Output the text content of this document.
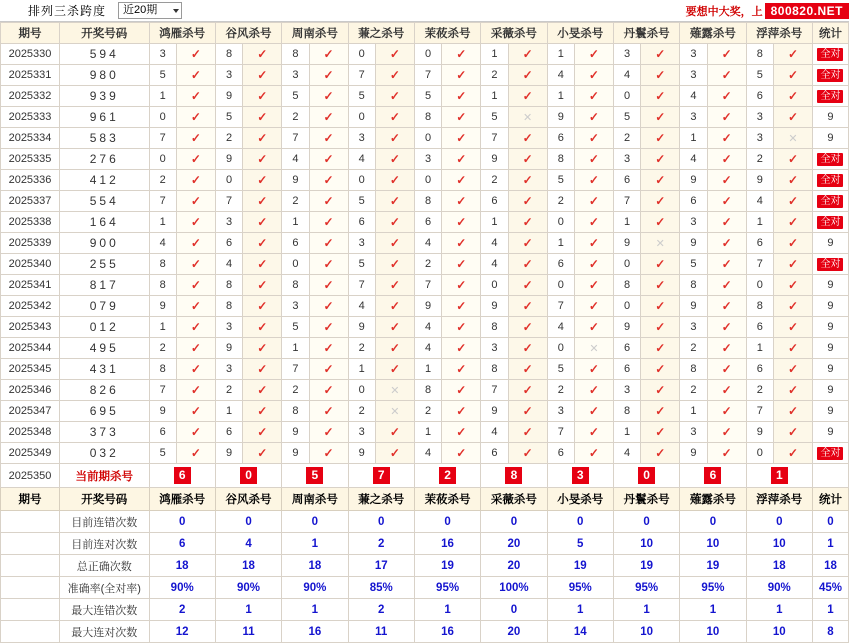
排列三杀跨度 近20期	要想中大奖，上 800820.NET
期号	开奖号码	鸿雁杀号		谷风杀号		周南杀号		蒹之杀号		茉莜杀号		采薇杀号		小旻杀号		丹鬟杀号		薙露杀号		浮萍杀号		统计
2025330	594	3	✓	8	✓	8	✓	0	✓	0	✓	1	✓	1	✓	3	✓	3	✓	8	✓	全对
2025331	980	5	✓	3	✓	3	✓	7	✓	7	✓	2	✓	4	✓	4	✓	3	✓	5	✓	全对
2025332	939	1	✓	9	✓	5	✓	5	✓	5	✓	1	✓	1	✓	0	✓	4	✓	6	✓	全对
2025333	961	0	✓	5	✓	2	✓	0	✓	8	✓	5	✕	9	✓	5	✓	3	✓	3	✓	9
2025334	583	7	✓	2	✓	7	✓	3	✓	0	✓	7	✓	6	✓	2	✓	1	✓	3	✕	9
2025335	276	0	✓	9	✓	4	✓	4	✓	3	✓	9	✓	8	✓	3	✓	4	✓	2	✓	全对
2025336	412	2	✓	0	✓	9	✓	0	✓	0	✓	2	✓	5	✓	6	✓	9	✓	9	✓	全对
2025337	554	7	✓	7	✓	2	✓	5	✓	8	✓	6	✓	2	✓	7	✓	6	✓	4	✓	全对
2025338	164	1	✓	3	✓	1	✓	6	✓	6	✓	1	✓	0	✓	1	✓	3	✓	1	✓	全对
2025339	900	4	✓	6	✓	6	✓	3	✓	4	✓	4	✓	1	✓	9	✕	9	✓	6	✓	9
2025340	255	8	✓	4	✓	0	✓	5	✓	2	✓	4	✓	6	✓	0	✓	5	✓	7	✓	全对
2025341	817	8	✓	8	✓	8	✓	7	✓	7	✓	0	✓	0	✓	8	✓	8	✓	0	✓	9
2025342	079	9	✓	8	✓	3	✓	4	✓	9	✓	9	✓	7	✓	0	✓	9	✓	8	✓	9
2025343	012	1	✓	3	✓	5	✓	9	✓	4	✓	8	✓	4	✓	9	✓	3	✓	6	✓	9
2025344	495	2	✓	9	✓	1	✓	2	✓	4	✓	3	✓	0	✕	6	✓	2	✓	1	✓	9
2025345	431	8	✓	3	✓	7	✓	1	✓	1	✓	8	✓	5	✓	6	✓	8	✓	6	✓	9
2025346	826	7	✓	2	✓	2	✓	0	✕	8	✓	7	✓	2	✓	3	✓	2	✓	2	✓	9
2025347	695	9	✓	1	✓	8	✓	2	✕	2	✓	9	✓	3	✓	8	✓	1	✓	7	✓	9
2025348	373	6	✓	6	✓	9	✓	3	✓	1	✓	4	✓	7	✓	1	✓	3	✓	9	✓	9
2025349	032	5	✓	9	✓	9	✓	9	✓	4	✓	6	✓	6	✓	4	✓	9	✓	0	✓	全对
2025350	当前期杀号	6		0		5		7		2		8		3		0		6		1		
期号	开奖号码	鸿雁杀号		谷风杀号		周南杀号		蒹之杀号		茉莜杀号		采薇杀号		小旻杀号		丹鬟杀号		薙露杀号		浮萍杀号		统计
	目前连错次数	0		0		0		0		0		0		0		0		0		0		0
	目前连对次数	6		4		1		2		16		20		5		10		10		10		1
	总正确次数	18		18		18		17		19		20		19		19		19		18		18
	准确率(全对率)	90%		90%		90%		85%		95%		100%		95%		95%		95%		90%		45%
	最大连错次数	2		1		1		2		1		0		1		1		1		1		1
	最大连对次数	12		11		16		11		16		20		14		10		10		10		8
